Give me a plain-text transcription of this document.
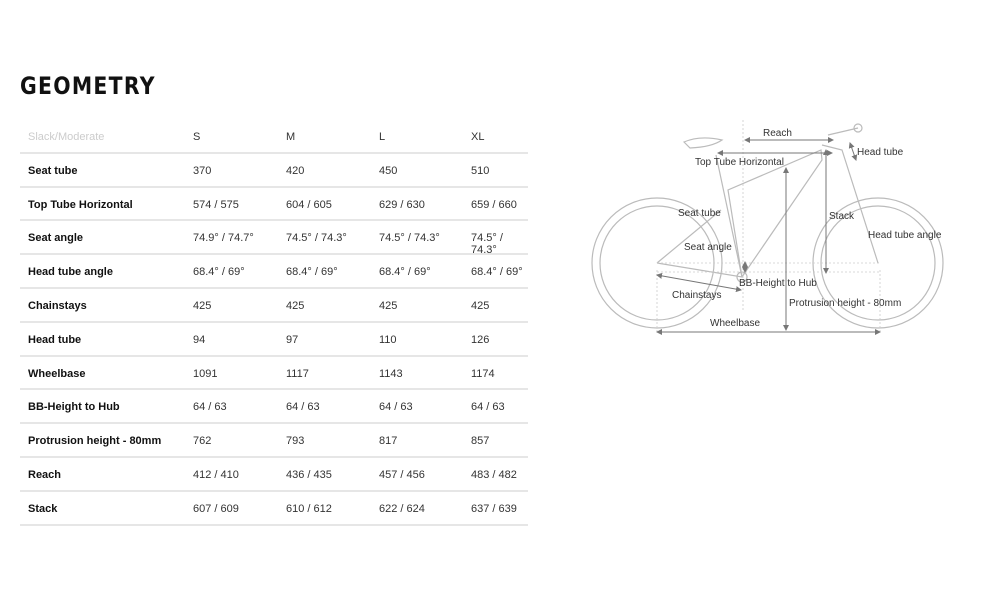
GEOMETRY
Slack/Moderate	S	M	L	XL
Seat tube	370	420	450	510
Top Tube Horizontal	574 / 575	604 / 605	629 / 630	659 / 660
Seat angle	74.9° / 74.7°	74.5° / 74.3°	74.5° / 74.3°	74.5° / 74.3°
Head tube angle	68.4° / 69°	68.4° / 69°	68.4° / 69°	68.4° / 69°
Chainstays	425	425	425	425
Head tube	94	97	110	126
Wheelbase	1091	1117	1143	1174
BB-Height to Hub	64 / 63	64 / 63	64 / 63	64 / 63
Protrusion height - 80mm	762	793	817	857
Reach	412 / 410	436 / 435	457 / 456	483 / 482
Stack	607 / 609	610 / 612	622 / 624	637 / 639
Reach
Head tube
Top Tube Horizontal
Seat tube	Stack
Seat angle
Head tube angle
BB-Height to Hub
Chainstays
Protrusion height - 80mm
Wheelbase
